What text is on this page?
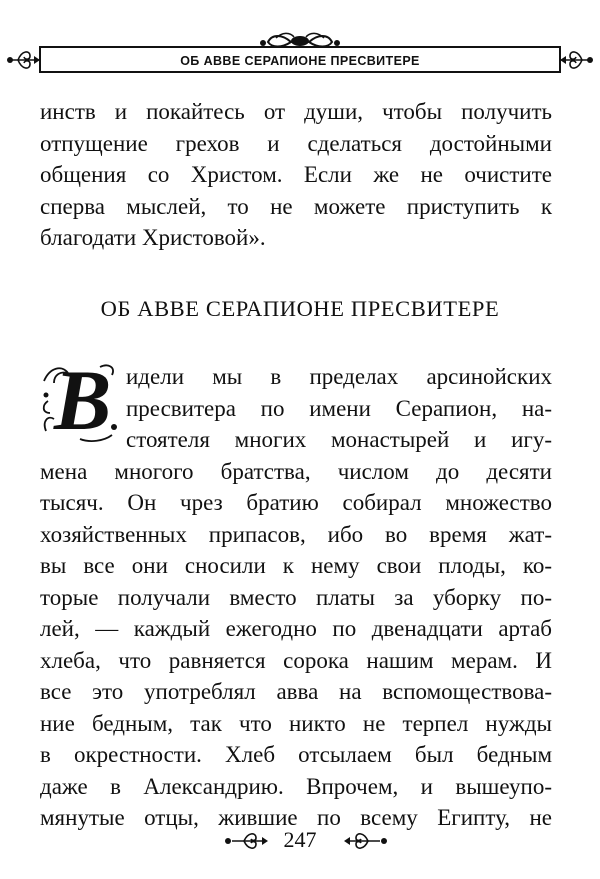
ОБ АВВЕ СЕРАПИОНЕ ПРЕСВИТЕРЕ
инств и покайтесь от души, чтобы получить
отпущение грехов и сделаться достойными
общения со Христом. Если же не очистите
сперва мыслей, то не можете приступить к
благодати Христовой».
ОБ АВВЕ СЕРАПИОНЕ ПРЕСВИТЕРЕ
В идели мы в пределах арсинойских
пресвитера по имени Серапион, на-
стоятеля многих монастырей и игу-
мена многого братства, числом до десяти
тысяч. Он чрез братию собирал множество
хозяйственных припасов, ибо во время жат-
вы все они сносили к нему свои плоды, ко-
торые получали вместо платы за уборку по-
лей, — каждый ежегодно по двенадцати артаб
хлеба, что равняется сорока нашим мерам. И
все это употреблял авва на вспомоществова-
ние бедным, так что никто не терпел нужды
в окрестности. Хлеб отсылаем был бедным
даже в Александрию. Впрочем, и вышеупо-
мянутые отцы, жившие по всему Египту, не
247
